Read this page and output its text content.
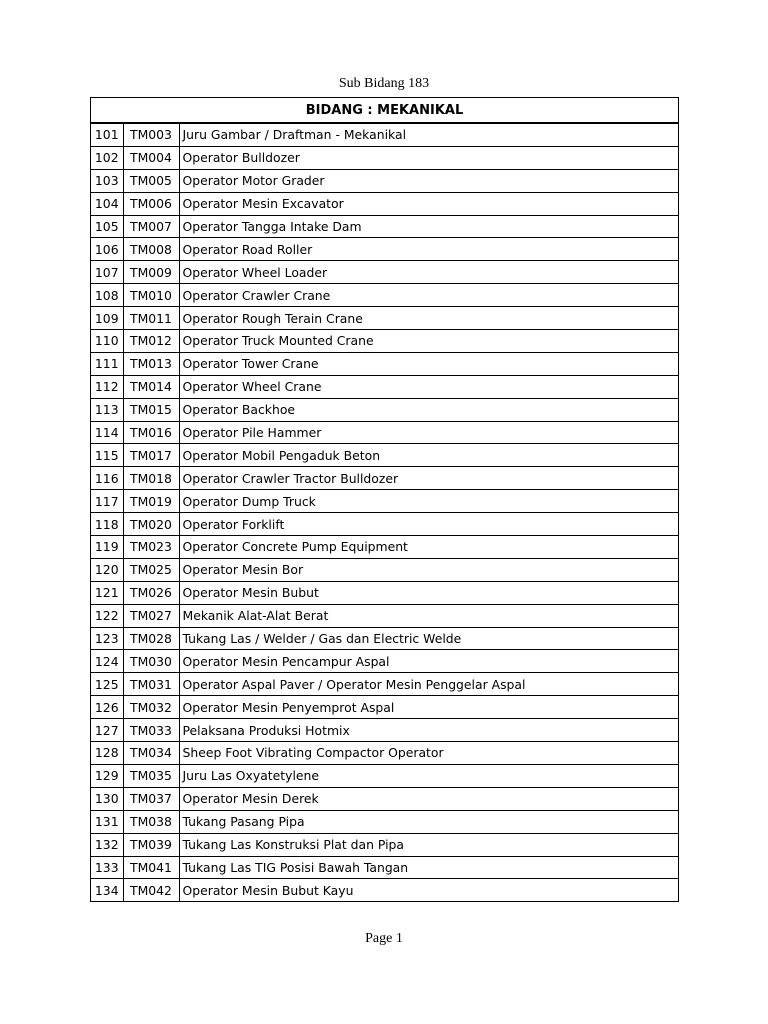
Sub Bidang 183
BIDANG : MEKANIKAL		
101	TM003	Juru Gambar / Draftman - Mekanikal
102	TM004	Operator Bulldozer
103	TM005	Operator Motor Grader
104	TM006	Operator Mesin Excavator
105	TM007	Operator Tangga Intake Dam
106	TM008	Operator Road Roller
107	TM009	Operator Wheel Loader
108	TM010	Operator Crawler Crane
109	TM011	Operator Rough Terain Crane
110	TM012	Operator Truck Mounted Crane
111	TM013	Operator Tower Crane
112	TM014	Operator Wheel Crane
113	TM015	Operator Backhoe
114	TM016	Operator Pile Hammer
115	TM017	Operator Mobil Pengaduk Beton
116	TM018	Operator Crawler Tractor Bulldozer
117	TM019	Operator Dump Truck
118	TM020	Operator Forklift
119	TM023	Operator Concrete Pump Equipment
120	TM025	Operator Mesin Bor
121	TM026	Operator Mesin Bubut
122	TM027	Mekanik Alat-Alat Berat
123	TM028	Tukang Las / Welder / Gas dan Electric Welde
124	TM030	Operator Mesin Pencampur Aspal
125	TM031	Operator Aspal Paver / Operator Mesin Penggelar Aspal
126	TM032	Operator Mesin Penyemprot Aspal
127	TM033	Pelaksana Produksi Hotmix
128	TM034	Sheep Foot Vibrating Compactor Operator
129	TM035	Juru Las Oxyatetylene
130	TM037	Operator Mesin Derek
131	TM038	Tukang Pasang Pipa
132	TM039	Tukang Las Konstruksi Plat dan Pipa
133	TM041	Tukang Las TIG Posisi Bawah Tangan
134	TM042	Operator Mesin Bubut Kayu
Page 1
